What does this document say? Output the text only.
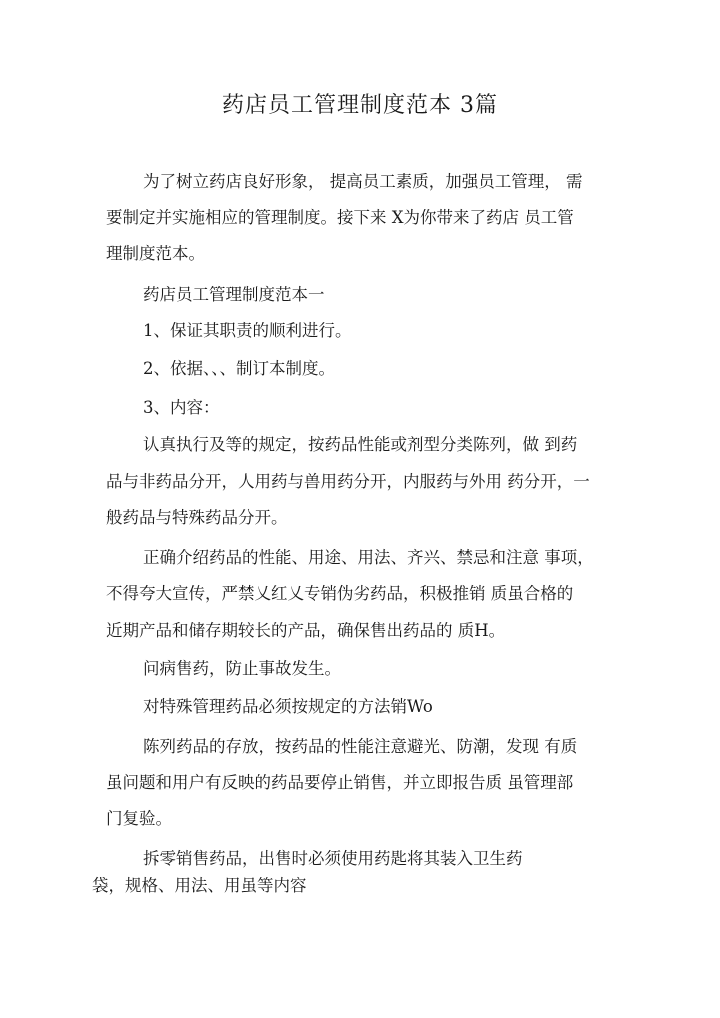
药店员工管理制度范本 3篇
为了树立药店良好形象， 提高员工素质，加强员工管理， 需
要制定并实施相应的管理制度。接下来 X为你带来了药店 员工管
理制度范本。
药店员工管理制度范本一
1、保证其职责的顺利进行。
2、依据、、、制订本制度。
3、内容：
认真执行及等的规定，按药品性能或剂型分类陈列，做 到药
品与非药品分开，人用药与兽用药分开，内服药与外用 药分开，一
般药品与特殊药品分开。
正确介绍药品的性能、用途、用法、齐兴、禁忌和注意 事项，
不得夸大宣传，严禁乂红乂专销伪劣药品，积极推销 质虽合格的
近期产品和储存期较长的产品，确保售出药品的 质H。
问病售药，防止事故发生。
对特殊管理药品必须按规定的方法销Wo
陈列药品的存放，按药品的性能注意避光、防潮，发现 有质
虽问题和用户有反映的药品要停止销售，并立即报告质 虽管理部
门复验。
拆零销售药品，出售时必须使用药匙将其装入卫生药
袋，规格、用法、用虽等内容
